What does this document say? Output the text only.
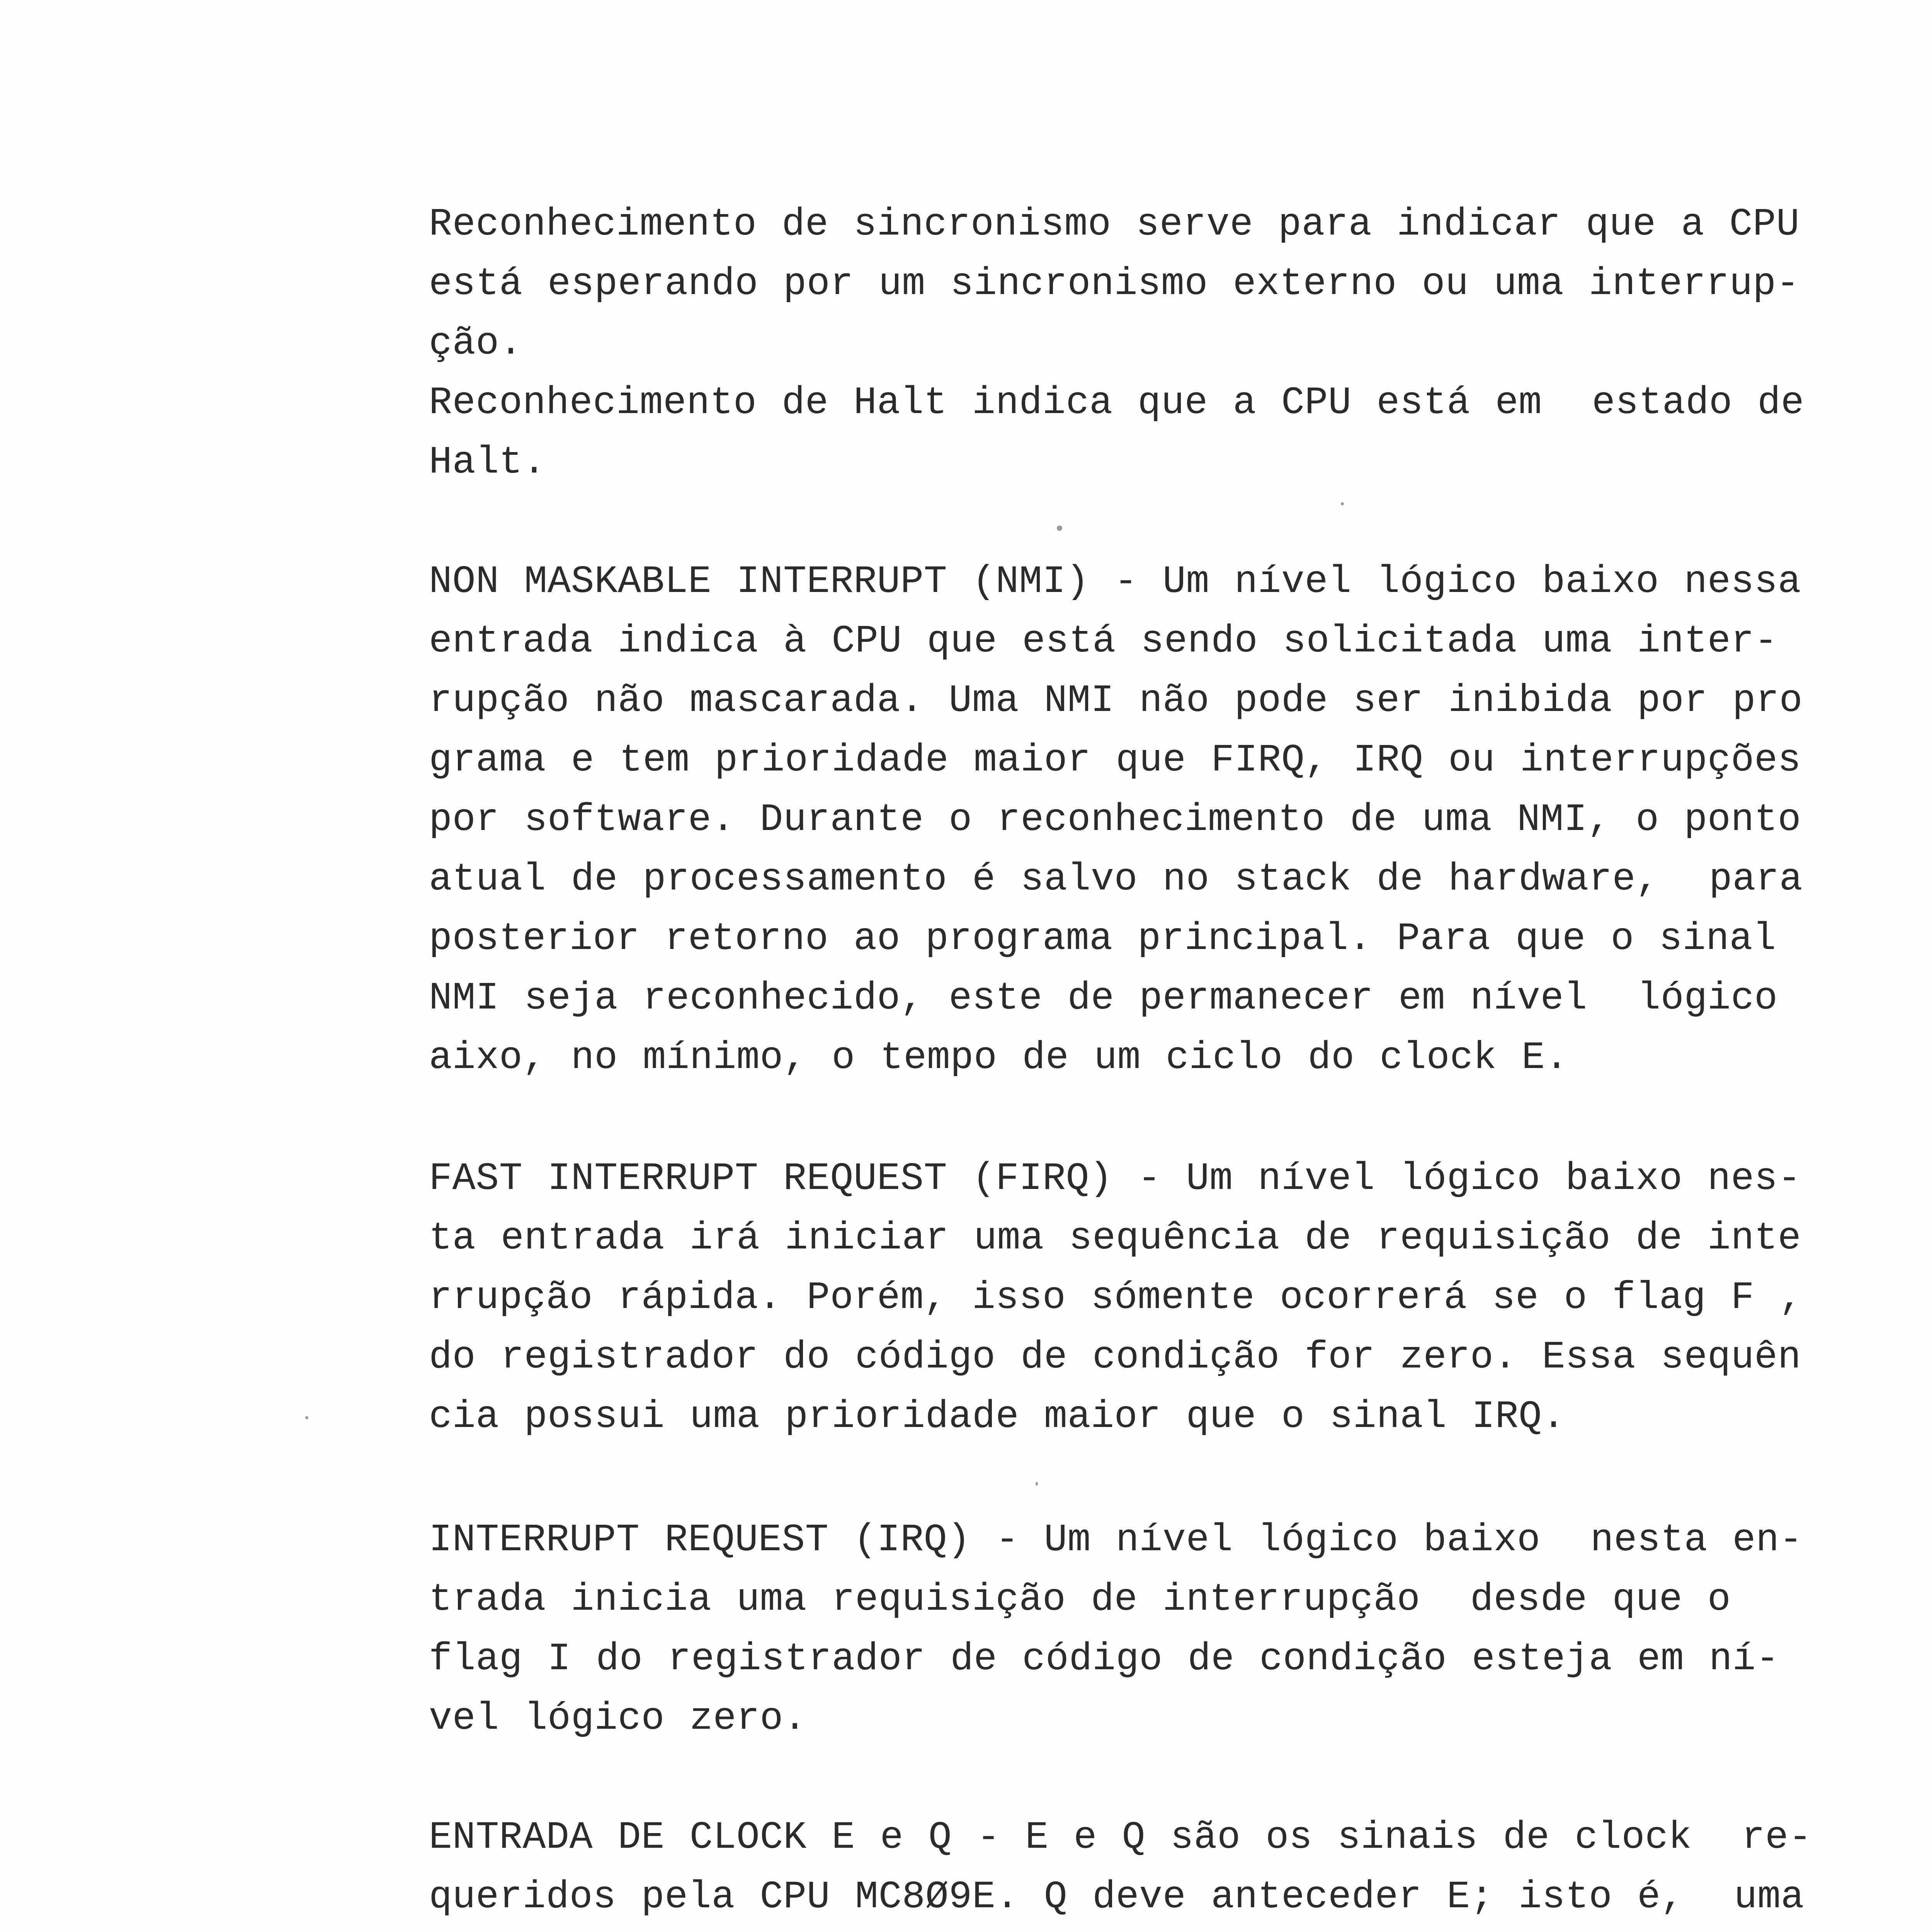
Reconhecimento de sincronismo serve para indicar que a CPU
está esperando por um sincronismo externo ou uma interrup-
ção.
Reconhecimento de Halt indica que a CPU está em  estado de
Halt.
NON MASKABLE INTERRUPT (NMI) - Um nível lógico baixo nessa
entrada indica à CPU que está sendo solicitada uma inter-
rupção não mascarada. Uma NMI não pode ser inibida por pro
grama e tem prioridade maior que FIRQ, IRQ ou interrupções
por software. Durante o reconhecimento de uma NMI, o ponto
atual de processamento é salvo no stack de hardware,  para
posterior retorno ao programa principal. Para que o sinal
NMI seja reconhecido, este de permanecer em nível  lógico
aixo, no mínimo, o tempo de um ciclo do clock E.
FAST INTERRUPT REQUEST (FIRQ) - Um nível lógico baixo nes-
ta entrada irá iniciar uma sequência de requisição de inte
rrupção rápida. Porém, isso sómente ocorrerá se o flag F ,
do registrador do código de condição for zero. Essa sequên
cia possui uma prioridade maior que o sinal IRQ.
INTERRUPT REQUEST (IRQ) - Um nível lógico baixo  nesta en-
trada inicia uma requisição de interrupção  desde que o
flag I do registrador de código de condição esteja em ní-
vel lógico zero.
ENTRADA DE CLOCK E e Q - E e Q são os sinais de clock  re-
queridos pela CPU MC8Ø9E. Q deve anteceder E; isto é,  uma
